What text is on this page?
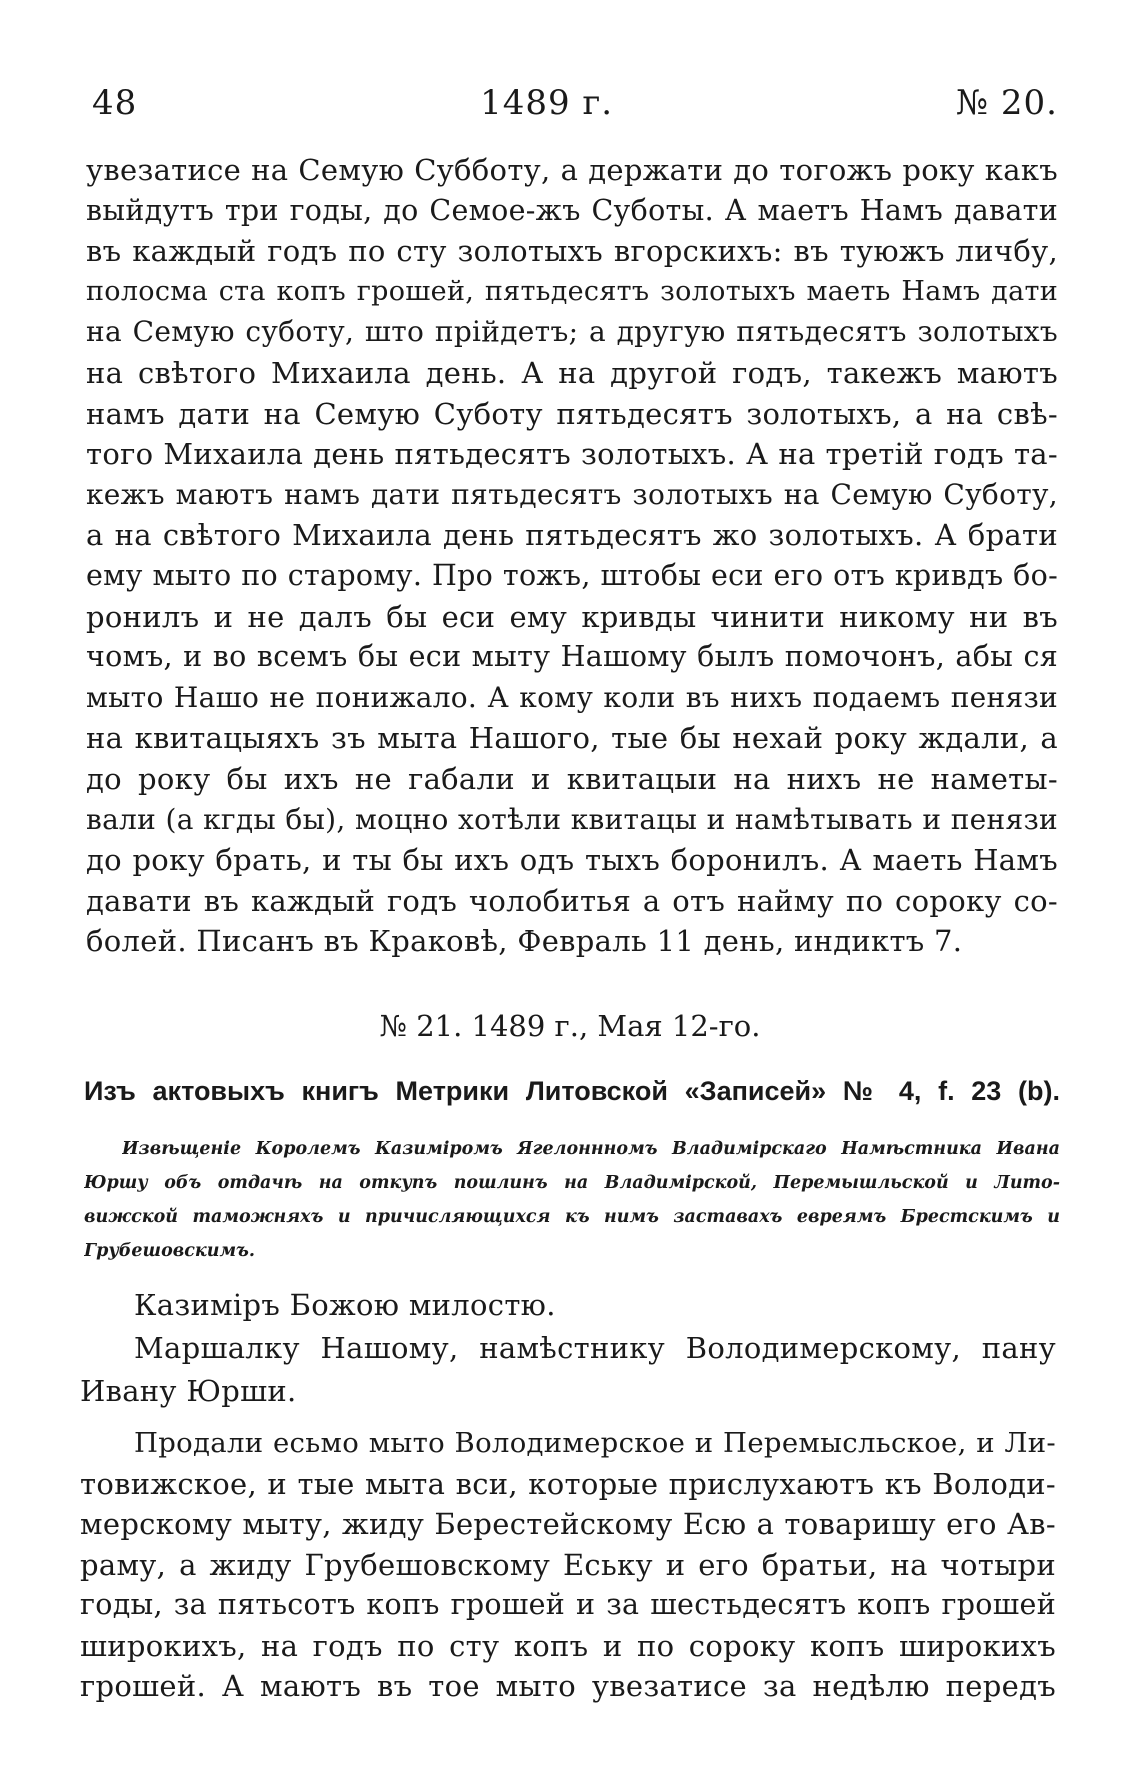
48	1489 г.	№ 20.
увезатисе на Семую Субботу, а держати до тогожъ року какъ
выйдутъ три годы, до Семое-жъ Суботы. А маетъ Намъ давати
въ каждый годъ по сту золотыхъ вгорскихъ: въ туюжъ личбу,
полосма ста копъ грошей, пятьдесятъ золотыхъ маеть Намъ дати
на Семую суботу, што прійдетъ; а другую пятьдесятъ золотыхъ
на свѣтого Михаила день. А на другой годъ, такежъ маютъ
намъ дати на Семую Суботу пятьдесятъ золотыхъ, а на свѣ-
того Михаила день пятьдесятъ золотыхъ. А на третій годъ та-
кежъ маютъ намъ дати пятьдесятъ золотыхъ на Семую Суботу,
а на свѣтого Михаила день пятьдесятъ жо золотыхъ. А брати
ему мыто по старому. Про тожъ, штобы еси его отъ кривдъ бо-
ронилъ и не далъ бы еси ему кривды чинити никому ни въ
чомъ, и во всемъ бы еси мыту Нашому былъ помочонъ, абы ся
мыто Нашо не понижало. А кому коли въ нихъ подаемъ пенязи
на квитацыяхъ зъ мыта Нашого, тые бы нехай року ждали, а
до року бы ихъ не габали и квитацыи на нихъ не наметы-
вали (а кгды бы), моцно хотѣли квитацы и намѣтывать и пенязи
до року брать, и ты бы ихъ одъ тыхъ боронилъ. А маеть Намъ
давати въ каждый годъ чолобитья а отъ найму по сороку со-
болей. Писанъ въ Краковѣ, Февраль 11 день, индиктъ 7.
№ 21. 1489 г., Мая 12-го.
Изъ актовыхъ книгъ Метрики Литовской «Записей» № 4, f. 23 (b).
Извѣщеніе Королемъ Казиміромъ Ягелоннномъ Владимірскаго Намѣстника Ивана
Юршу объ отдачѣ на откупъ пошлинъ на Владимірской, Перемышльской и Лито-
вижской таможняхъ и причисляющихся къ нимъ заставахъ евреямъ Брестскимъ и
Грубешовскимъ.
Казиміръ Божою милостю.
Маршалку Нашому, намѣстнику Володимерскому, пану
Ивану Юрши.
Продали есьмо мыто Володимерское и Перемысльское, и Ли-
товижское, и тые мыта вси, которые прислухаютъ къ Володи-
мерскому мыту, жиду Берестейскому Есю а товаришу его Ав-
раму, а жиду Грубешовскому Еську и его братьи, на чотыри
годы, за пятьсотъ копъ грошей и за шестьдесятъ копъ грошей
широкихъ, на годъ по сту копъ и по сороку копъ широкихъ
грошей. А маютъ въ тое мыто увезатисе за недѣлю передъ
